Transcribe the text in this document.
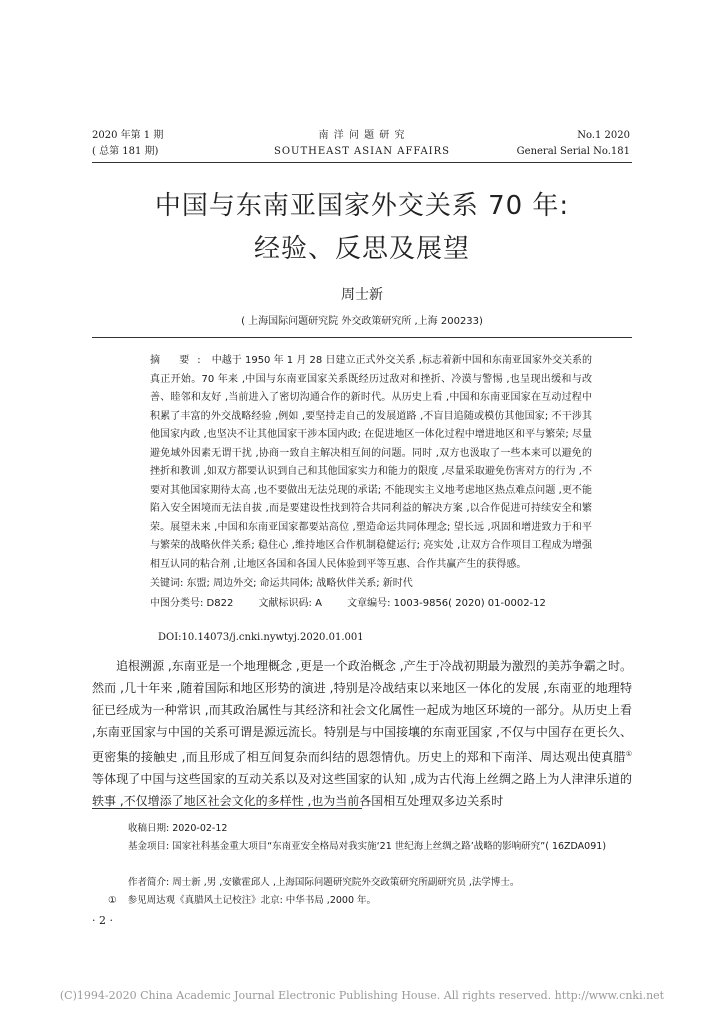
2020 年第 1 期
( 总第 181 期)
南 洋 问 题 研 究
SOUTHEAST ASIAN AFFAIRS
No.1 2020
General Serial No.181
中国与东南亚国家外交关系 70 年:
经验、反思及展望
周士新
( 上海国际问题研究院 外交政策研究所 ,上海 200233)

摘 要: 中越于 1950 年 1 月 28 日建立正式外交关系 ,标志着新中国和东南亚国家外交关系的真正开始。70 年来 ,中国与东南亚国家关系既经历过敌对和挫折、冷漠与警惕 ,也呈现出缓和与改善、睦邻和友好 ,当前进入了密切沟通合作的新时代。从历史上看 ,中国和东南亚国家在互动过程中积累了丰富的外交战略经验 ,例如 ,要坚持走自己的发展道路 ,不盲目追随或模仿其他国家; 不干涉其他国家内政 ,也坚决不让其他国家干涉本国内政; 在促进地区一体化过程中增进地区和平与繁荣; 尽量避免域外因素无谓干扰 ,协商一致自主解决相互间的问题。同时 ,双方也汲取了一些本来可以避免的挫折和教训 ,如双方都要认识到自己和其他国家实力和能力的限度 ,尽量采取避免伤害对方的行为 ,不要对其他国家期待太高 ,也不要做出无法兑现的承诺; 不能现实主义地考虑地区热点难点问题 ,更不能陷入安全困境而无法自拔 ,而是要建设性找到符合共同利益的解决方案 ,以合作促进可持续安全和繁荣。展望未来 ,中国和东南亚国家都要站高位 ,塑造命运共同体理念; 望长远 ,巩固和增进致力于和平与繁荣的战略伙伴关系; 稳住心 ,维持地区合作机制稳健运行; 亮实处 ,让双方合作项目工程成为增强相互认同的粘合剂 ,让地区各国和各国人民体验到平等互惠、合作共赢产生的获得感。

关键词: 东盟; 周边外交; 命运共同体; 战略伙伴关系; 新时代
中图分类号: D822	文献标识码: A	文章编号: 1003-9856( 2020) 01-0002-12
DOI:10.14073/j.cnki.nywtyj.2020.01.001

追根溯源 ,东南亚是一个地理概念 ,更是一个政治概念 ,产生于冷战初期最为激烈的美苏争霸之时。然而 ,几十年来 ,随着国际和地区形势的演进 ,特别是冷战结束以来地区一体化的发展 ,东南亚的地理特征已经成为一种常识 ,而其政治属性与其经济和社会文化属性一起成为地区环境的一部分。从历史上看 ,东南亚国家与中国的关系可谓是源远流长。特别是与中国接壤的东南亚国家 ,不仅与中国存在更长久、更密集的接触史 ,而且形成了相互间复杂而纠结的恩怨情仇。历史上的郑和下南洋、周达观出使真腊①等体现了中国与这些国家的互动关系以及对这些国家的认知 ,成为古代海上丝绸之路上为人津津乐道的轶事 ,不仅增添了地区社会文化的多样性 ,也为当前各国相互处理双多边关系时

收稿日期: 2020-02-12
基金项目: 国家社科基金重大项目“东南亚安全格局对我实施‘21 世纪海上丝绸之路’战略的影响研究”( 16ZDA091)
作者简介: 周士新 ,男 ,安徽霍邱人 ,上海国际问题研究院外交政策研究所副研究员 ,法学博士。
① 参见周达观《真腊风土记校注》北京: 中华书局 ,2000 年。
· 2 ·
(C)1994-2020 China Academic Journal Electronic Publishing House. All rights reserved. http://www.cnki.net
